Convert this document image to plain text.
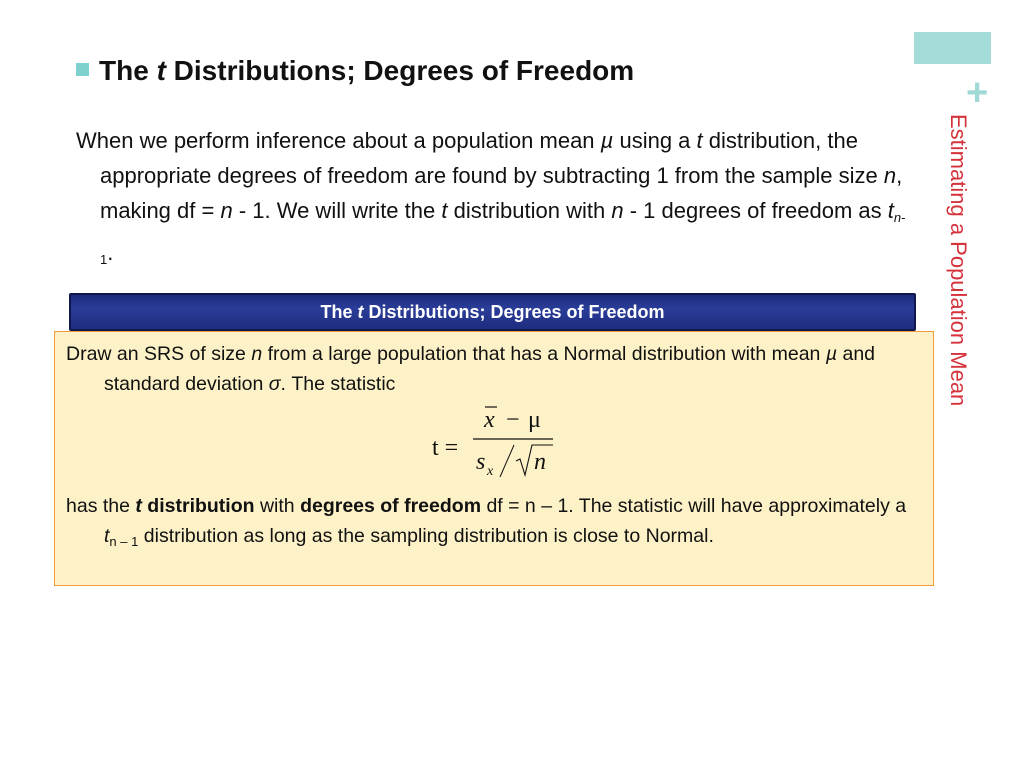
+
Estimating a Population Mean
The t Distributions; Degrees of Freedom
When we perform inference about a population mean µ using a t distribution, the appropriate degrees of freedom are found by subtracting 1 from the sample size n, making df = n - 1. We will write the t distribution with n - 1 degrees of freedom as $t_{n-1}$.
The t Distributions; Degrees of Freedom

Draw an SRS of size n from a large population that has a Normal distribution with mean µ and standard deviation σ. The statistic

t =
x − μ
s x n

has the t distribution with degrees of freedom df = n – 1. The statistic will have approximately a $t_{n - 1}$ distribution as long as the sampling distribution is close to Normal.
